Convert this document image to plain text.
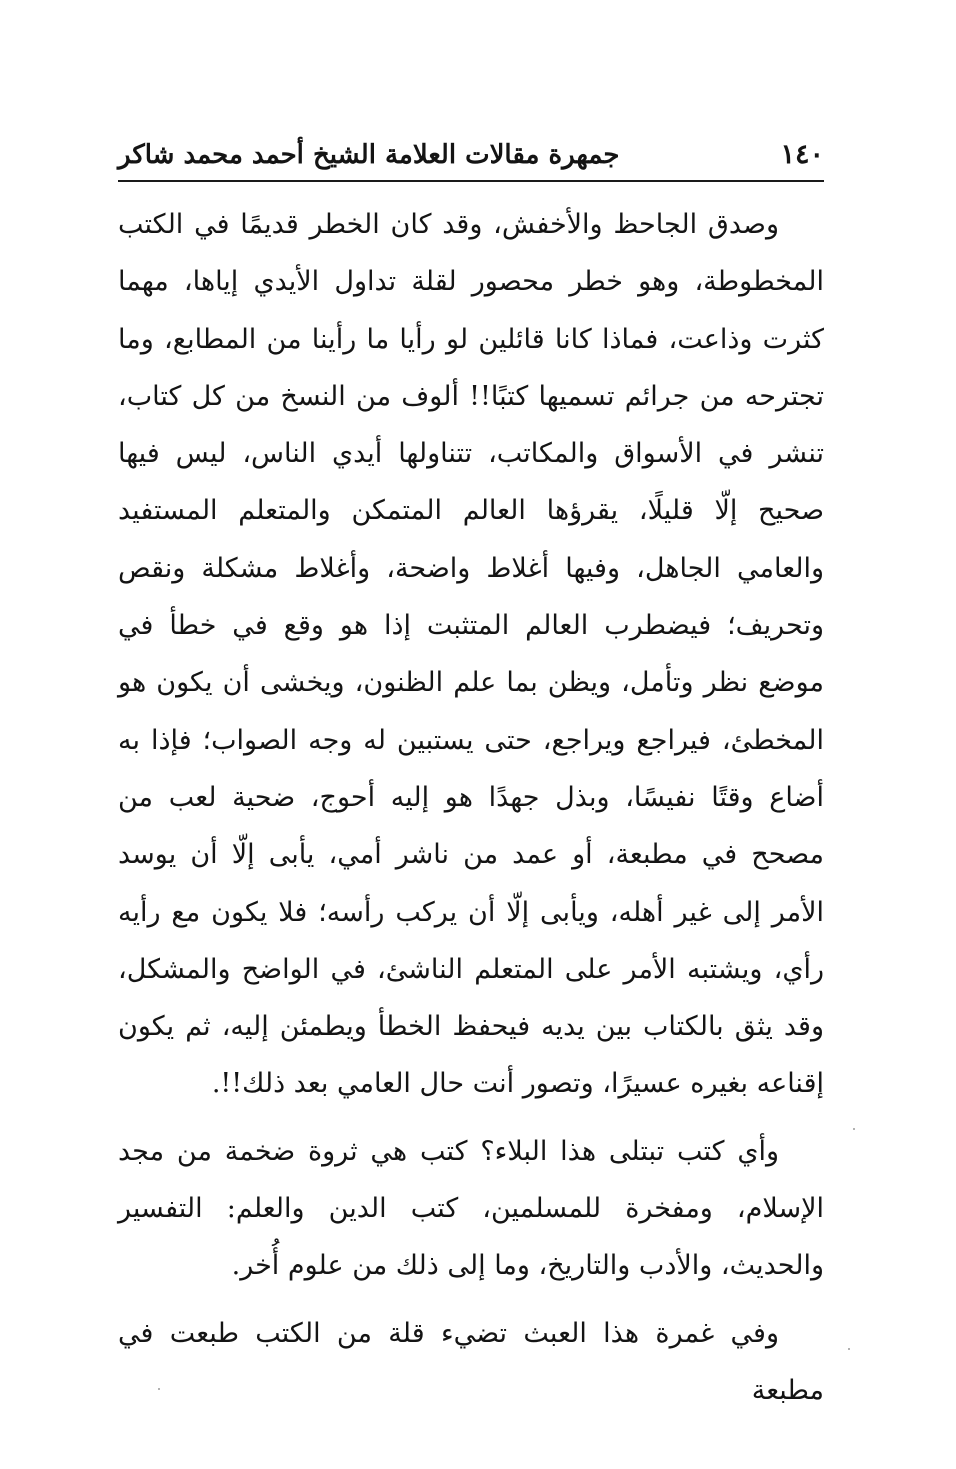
١٤٠
جمهرة مقالات العلامة الشيخ أحمد محمد شاكر

وصدق الجاحظ والأخفش، وقد كان الخطر قديمًا في الكتب المخطوطة، وهو خطر محصور لقلة تداول الأيدي إياها، مهما كثرت وذاعت، فماذا كانا قائلين لو رأيا ما رأينا من المطابع، وما تجترحه من جرائم تسميها كتبًا!! ألوف من النسخ من كل كتاب، تنشر في الأسواق والمكاتب، تتناولها أيدي الناس، ليس فيها صحيح إلّا قليلًا، يقرؤها العالم المتمكن والمتعلم المستفيد والعامي الجاهل، وفيها أغلاط واضحة، وأغلاط مشكلة ونقص وتحريف؛ فيضطرب العالم المتثبت إذا هو وقع في خطأ في موضع نظر وتأمل، ويظن بما علم الظنون، ويخشى أن يكون هو المخطئ، فيراجع ويراجع، حتى يستبين له وجه الصواب؛ فإذا به أضاع وقتًا نفيسًا، وبذل جهدًا هو إليه أحوج، ضحية لعب من مصحح في مطبعة، أو عمد من ناشر أمي، يأبى إلّا أن يوسد الأمر إلى غير أهله، ويأبى إلّا أن يركب رأسه؛ فلا يكون مع رأيه رأي، ويشتبه الأمر على المتعلم الناشئ، في الواضح والمشكل، وقد يثق بالكتاب بين يديه فيحفظ الخطأ ويطمئن إليه، ثم يكون إقناعه بغيره عسيرًا، وتصور أنت حال العامي بعد ذلك!!.

وأي كتب تبتلى هذا البلاء؟ كتب هي ثروة ضخمة من مجد الإسلام، ومفخرة للمسلمين، كتب الدين والعلم: التفسير والحديث، والأدب والتاريخ، وما إلى ذلك من علوم أُخر.

وفي غمرة هذا العبث تضيء قلة من الكتب طبعت في مطبعة
